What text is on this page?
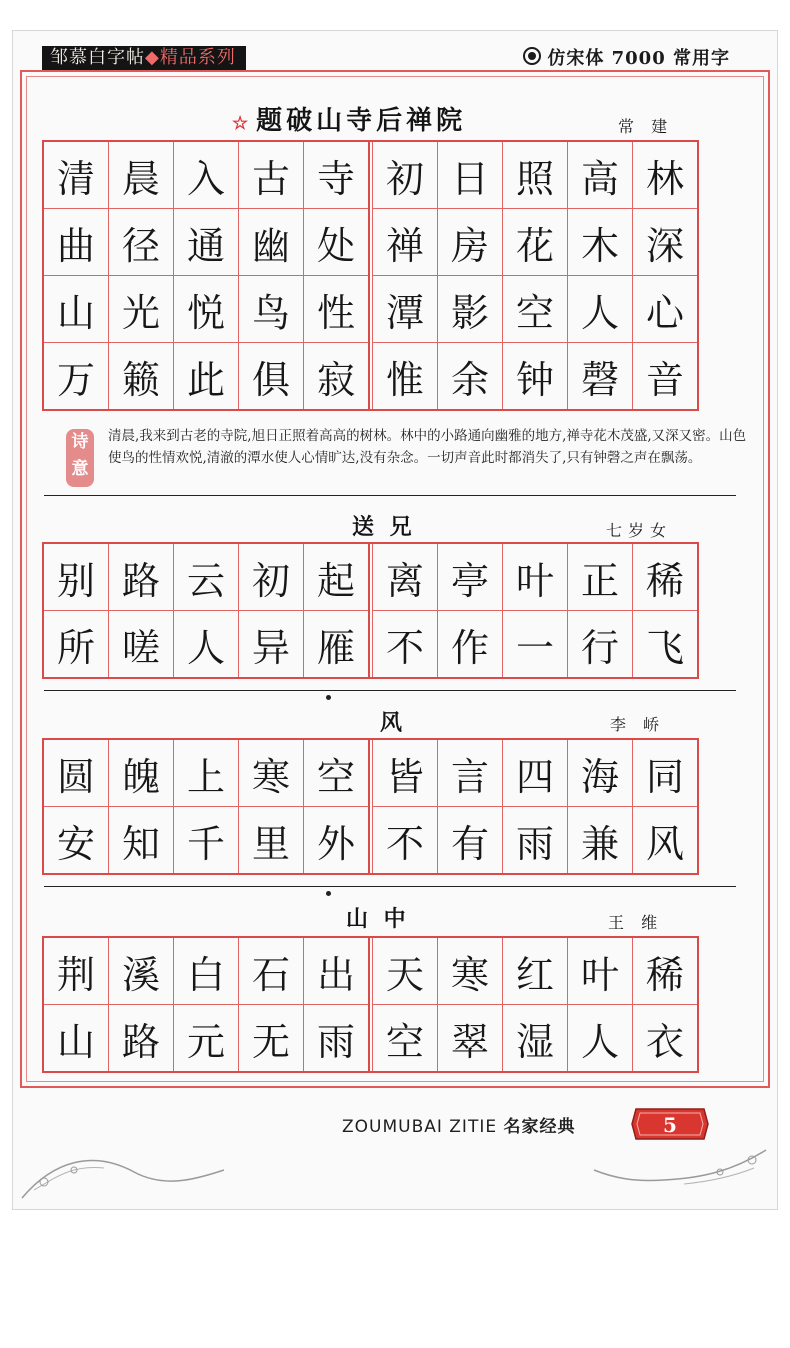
邹慕白字帖◆精品系列	仿宋体 7000 常用字
☆ 题破山寺后禅院	常 建
清	晨	入	古	寺		初	日	照	高	林
曲	径	通	幽	处		禅	房	花	木	深
山	光	悦	鸟	性		潭	影	空	人	心
万	籁	此	俱	寂		惟	余	钟	磬	音
诗
意
清晨,我来到古老的寺院,旭日正照着高高的树林。林中的小路通向幽雅的地方,禅寺花木茂盛,又深又密。山色使鸟的性情欢悦,清澈的潭水使人心情旷达,没有杂念。一切声音此时都消失了,只有钟磬之声在飘荡。
送 兄	七岁女
别	路	云	初	起		离	亭	叶	正	稀
所	嗟	人	异	雁		不	作	一	行	飞
风	李 峤
圆	魄	上	寒	空		皆	言	四	海	同
安	知	千	里	外		不	有	雨	兼	风
山 中	王 维
荆	溪	白	石	出		天	寒	红	叶	稀
山	路	元	无	雨		空	翠	湿	人	衣
ZOUMUBAI ZITIE 名家经典	5
